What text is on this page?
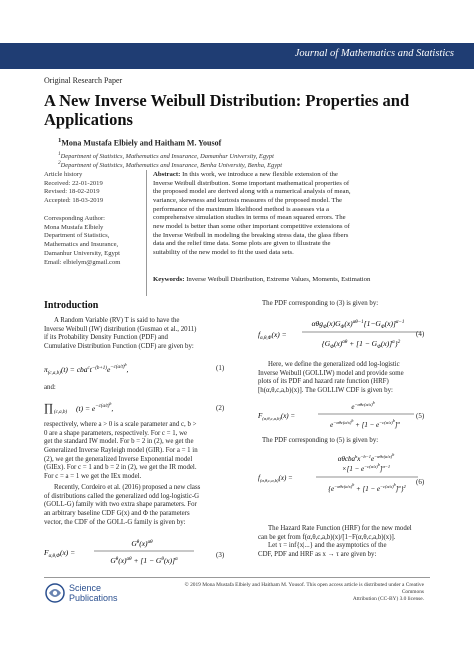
Journal of Mathematics and Statistics
Original Research Paper
A New Inverse Weibull Distribution: Properties and
Applications
$^1$Mona Mustafa Elbiely and Haitham M. Yousof
$^1$Department of Statistics, Mathematics and Insurance, Damanhur University, Egypt
$^2$Department of Statistics, Mathematics and Insurance, Benha University, Benha, Egypt
Article history
Received: 22-01-2019
Revised: 18-02-2019
Accepted: 18-03-2019
Corresponding Author:
Mona Mustafa Elbiely
Department of Statistics,
Mathematics and Insurance,
Damanhur University, Egypt
Email: elbielym@gmail.com
Abstract: In this work, we introduce a new flexible extension of the
Inverse Weibull distribution. Some important mathematical properties of
the proposed model are derived along with a numerical analysis of mean,
variance, skewness and kurtosis measures of the proposed model. The
performance of the maximum likelihood method is assesses via a
comprehensive simulation studies in terms of mean squared errors. The
new model is better than some other important competitive extensions of
the Inverse Weibull in modeling the breaking stress data, the glass fibers
data and the relief time data. Some plots are given to illustrate the
suitability of the new model to fit the used data sets.
Keywords: Inverse Weibull Distribution, Extreme Values, Moments, Estimation
Introduction
A Random Variable (RV) T is said to have the
Inverse Weibull (IW) distribution (Gusmao et al., 2011)
if its Probability Density Function (PDF) and
Cumulative Distribution Function (CDF) are given by:
$\pi_{(c,a,b)}(t) = cba^ct^{-(b+1)}e^{-c(a/t)b}$,	(1)
and:
∏ (c,a,b) $(t) = e^{-c(a/t)b}$,	(2)
respectively, where a > 0 is a scale parameter and c, b >
0 are a shape parameters, respectively. For c = 1, we
get the standard IW model. For b = 2 in (2), we get the
Generalized Inverse Rayleigh model (GIR). For a = 1 in
(2), we get the generalized Inverse Exponential model
(GIEx). For c = 1 and b = 2 in (2), we get the IR model.
For c = a = 1 we get the IEx model.
Recently, Cordeiro et al. (2016) proposed a new class
of distributions called the generalized odd log-logistic-G
(GOLL-G) family with two extra shape parameters. For
an arbitrary baseline CDF G(x) and Φ the parameters
vector, the CDF of the GOLL-G family is given by:
$F_{\alpha,\theta,\Phi}(x)$ =
$G^\theta(x)^{\alpha\theta}$
$G^\theta(x)^{\alpha\theta} + [1 - G^\theta(x)]^\alpha$
(3)
The PDF corresponding to (3) is given by:
$f_{\alpha,\theta,\Phi}(x)$ =
$\alpha\theta g_\Phi(x)G_\Phi(x)^{\alpha\theta-1}[1-G_\Phi(x)]^{\alpha-1}$
$\{G_\Phi(x)^{\alpha\theta} + [1 - G_\Phi(x)]^\alpha\}^2$
(4)
Here, we define the generalized odd log-logistic
Inverse Weibull (GOLLIW) model and provide some
plots of its PDF and hazard rate function (HRF)
[h(α,θ,c,a,b)(x)]. The GOLLIW CDF is given by:
$F_{(\alpha,\theta,c,a,b)}(x)$ =
$e^{-\alpha\theta c(a/x)b}$
$e^{-\alpha\theta c(a/x)b} + [1 - e^{-c(a/x)b}]^\alpha$
(5)
The PDF corresponding to (5) is given by:
$f_{(\alpha,\theta,c,a,b)}(x)$ =
$\alpha\theta cba^bx^{-b-1}e^{-\alpha\theta c(a/x)b}$
$\times[1 - e^{-c(a/x)b}]^{\alpha-1}$
$\{e^{-\alpha\theta c(a/x)b} + [1 - e^{-c(a/x)b}]^\alpha\}^2$
(6)
The Hazard Rate Function (HRF) for the new model
can be get from f(α,θ,c,a,b)(x)/[1−F(α,θ,c,a,b)(x)].
Let τ = inf{x|...} and the asymptotics of the
CDF, PDF and HRF as x → τ are given by:
Science
Publications
© 2019 Mona Mustafa Elbiely and Haitham M. Yousof. This open access article is distributed under a Creative Commons
Attribution (CC-BY) 3.0 license.
